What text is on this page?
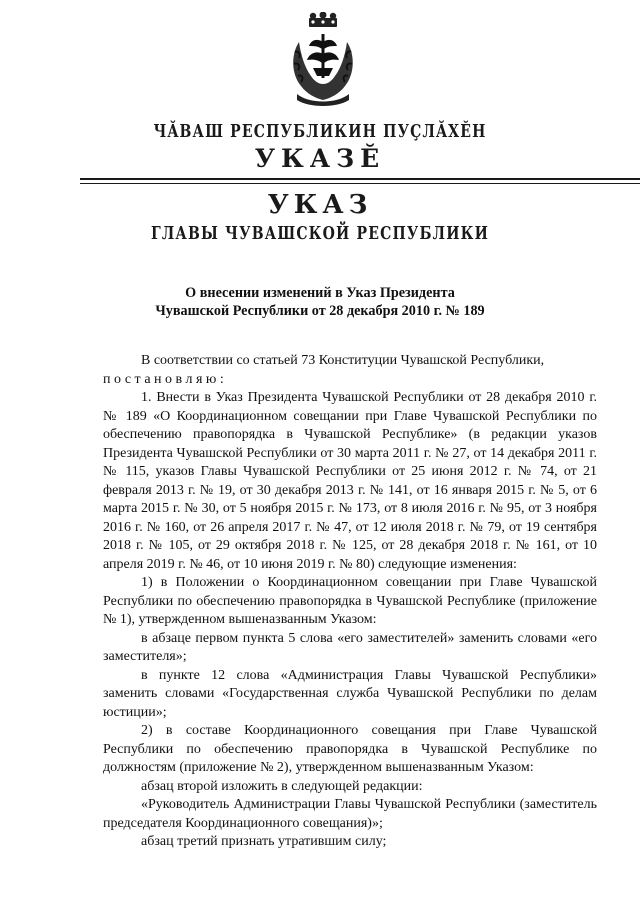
ЧĂВАШ РЕСПУБЛИКИН ПУÇЛĂХĔН
УКАЗĔ
УКАЗ
ГЛАВЫ ЧУВАШСКОЙ РЕСПУБЛИКИ
О внесении изменений в Указ Президента
Чувашской Республики от 28 декабря 2010 г. № 189

В соответствии со статьей 73 Конституции Чувашской Республики,

постановляю:

1. Внести в Указ Президента Чувашской Республики от 28 декабря 2010 г. № 189 «О Координационном совещании при Главе Чувашской Республики по обеспечению правопорядка в Чувашской Республике» (в редакции указов Президента Чувашской Республики от 30 марта 2011 г. № 27, от 14 декабря 2011 г. № 115, указов Главы Чувашской Республики от 25 июня 2012 г. № 74, от 21 февраля 2013 г. № 19, от 30 декабря 2013 г. № 141, от 16 января 2015 г. № 5, от 6 марта 2015 г. № 30, от 5 ноября 2015 г. № 173, от 8 июля 2016 г. № 95, от 3 ноября 2016 г. № 160, от 26 апреля 2017 г. № 47, от 12 июля 2018 г. № 79, от 19 сентября 2018 г. № 105, от 29 октября 2018 г. № 125, от 28 декабря 2018 г. № 161, от 10 апреля 2019 г. № 46, от 10 июня 2019 г. № 80) следующие изменения:

1) в Положении о Координационном совещании при Главе Чувашской Республики по обеспечению правопорядка в Чувашской Республике (приложение № 1), утвержденном вышеназванным Указом:

в абзаце первом пункта 5 слова «его заместителей» заменить словами «его заместителя»;

в пункте 12 слова «Администрация Главы Чувашской Республики» заменить словами «Государственная служба Чувашской Республики по делам юстиции»;

2) в составе Координационного совещания при Главе Чувашской Республики по обеспечению правопорядка в Чувашской Республике по должностям (приложение № 2), утвержденном вышеназванным Указом:

абзац второй изложить в следующей редакции:

«Руководитель Администрации Главы Чувашской Республики (заместитель председателя Координационного совещания)»;

абзац третий признать утратившим силу;
